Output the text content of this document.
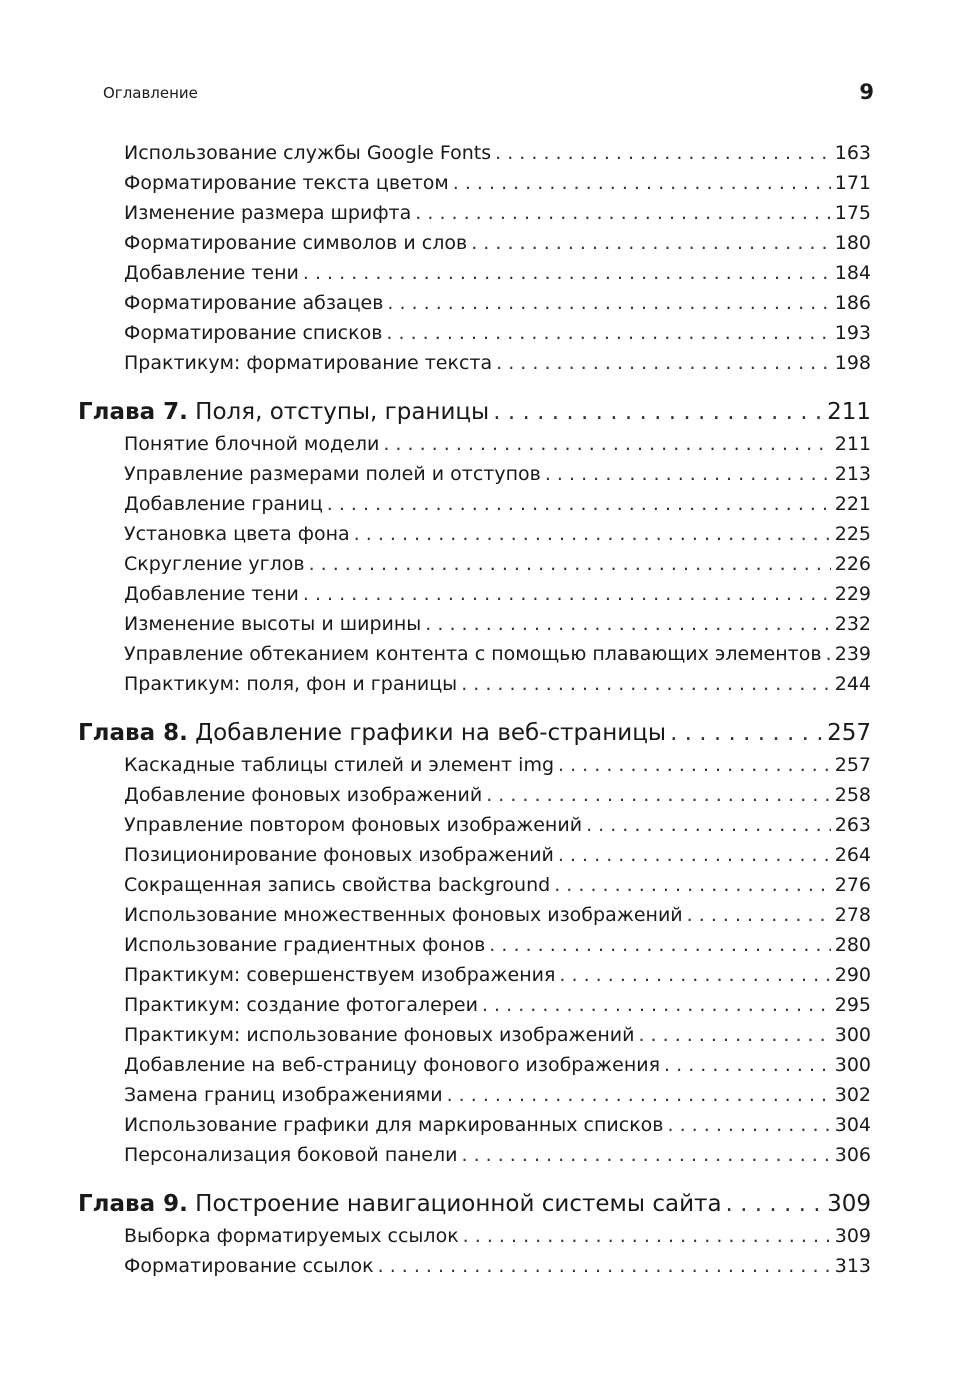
Оглавление	9
Использование службы Google Fonts . . .	163
Форматирование текста цветом . . .	171
Изменение размера шрифта . . .	175
Форматирование символов и слов . . .	180
Добавление тени . . .	184
Форматирование абзацев . . .	186
Форматирование списков . . .	193
Практикум: форматирование текста . . .	198
Глава 7. Поля, отступы, границы . . .	211
Понятие блочной модели . . .	211
Управление размерами полей и отступов . . .	213
Добавление границ . . .	221
Установка цвета фона . . .	225
Скругление углов . . .	226
Добавление тени . . .	229
Изменение высоты и ширины . . .	232
Управление обтеканием контента с помощью плавающих элементов . . . 239
Практикум: поля, фон и границы . . .	244
Глава 8. Добавление графики на веб-страницы . . .	257
Каскадные таблицы стилей и элемент img . . .	257
Добавление фоновых изображений . . .	258
Управление повтором фоновых изображений . . .	263
Позиционирование фоновых изображений . . .	264
Сокращенная запись свойства background . . .	276
Использование множественных фоновых изображений . . .	278
Использование градиентных фонов . . .	280
Практикум: совершенствуем изображения . . .	290
Практикум: создание фотогалереи . . .	295
Практикум: использование фоновых изображений . . .	300
Добавление на веб-страницу фонового изображения . . .	300
Замена границ изображениями . . .	302
Использование графики для маркированных списков . . .	304
Персонализация боковой панели . . .	306
Глава 9. Построение навигационной системы сайта . . .	309
Выборка форматируемых ссылок . . .	309
Форматирование ссылок . . .	313
